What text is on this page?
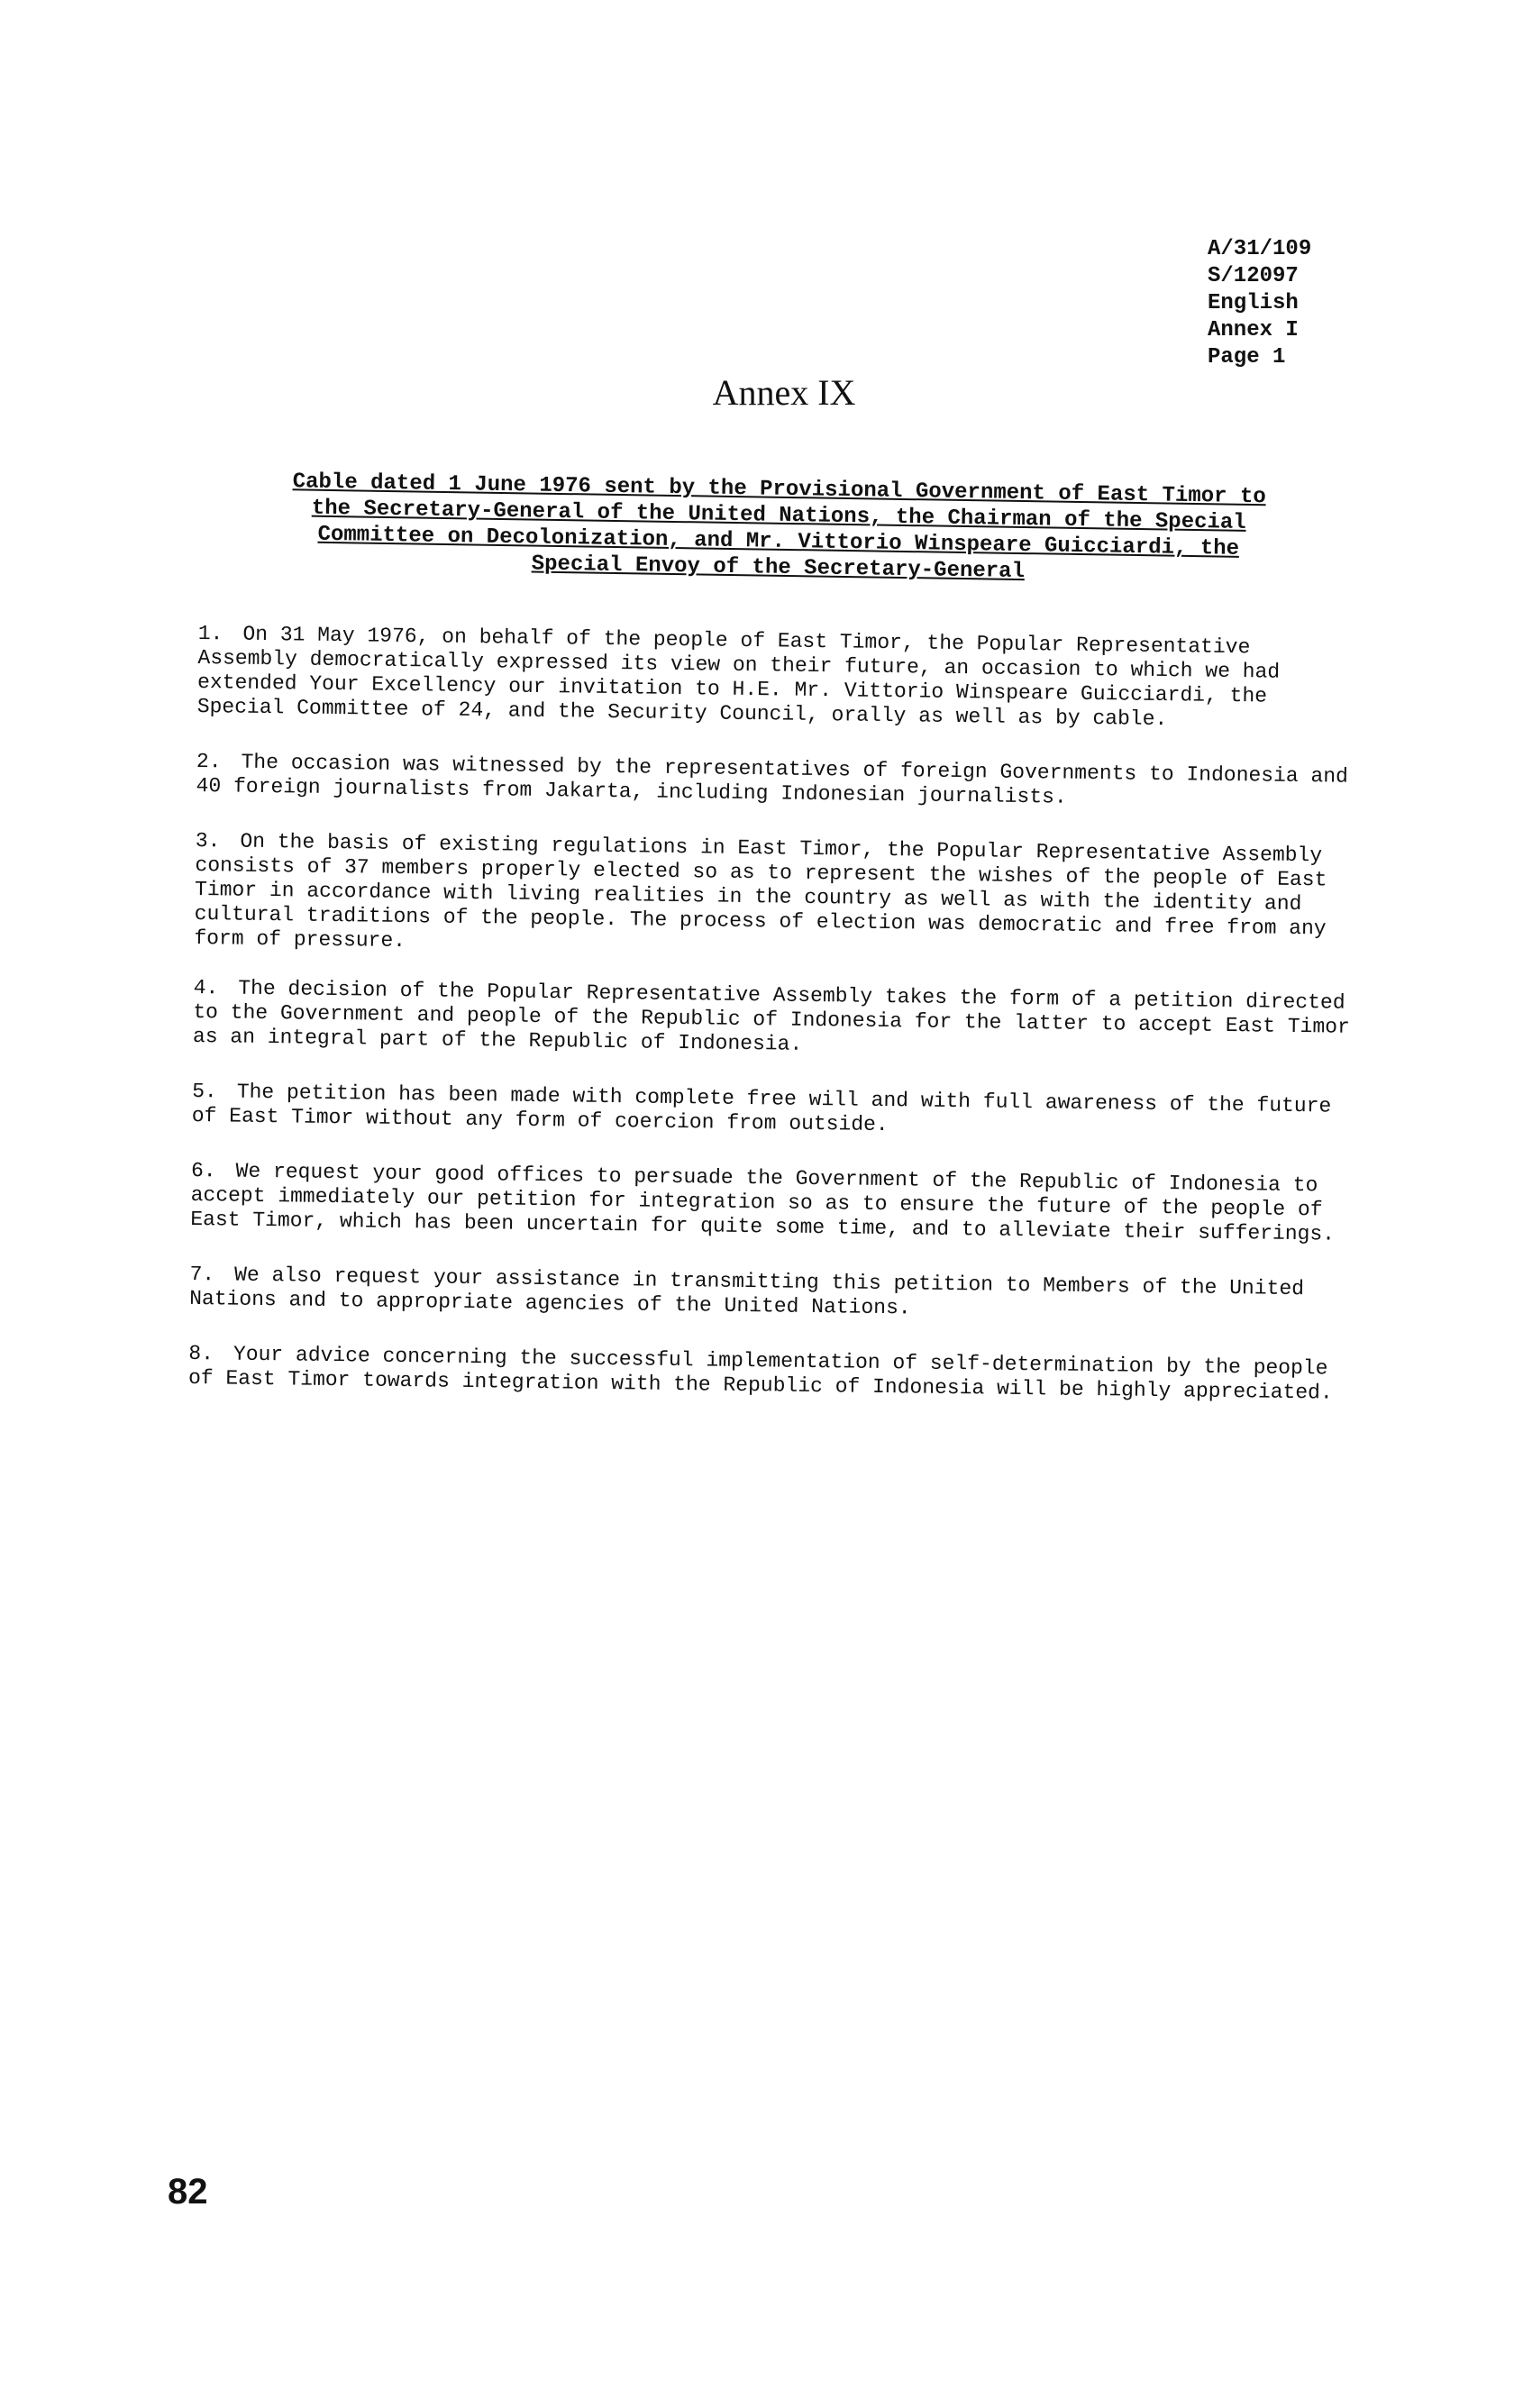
A/31/109
S/12097
English
Annex I
Page 1
Annex IX
Cable dated 1 June 1976 sent by the Provisional Government of East Timor to the Secretary-General of the United Nations, the Chairman of the Special Committee on Decolonization, and Mr. Vittorio Winspeare Guicciardi, the Special Envoy of the Secretary-General

1. On 31 May 1976, on behalf of the people of East Timor, the Popular Representative Assembly democratically expressed its view on their future, an occasion to which we had extended Your Excellency our invitation to H.E. Mr. Vittorio Winspeare Guicciardi, the Special Committee of 24, and the Security Council, orally as well as by cable.

2. The occasion was witnessed by the representatives of foreign Governments to Indonesia and 40 foreign journalists from Jakarta, including Indonesian journalists.

3. On the basis of existing regulations in East Timor, the Popular Representative Assembly consists of 37 members properly elected so as to represent the wishes of the people of East Timor in accordance with living realities in the country as well as with the identity and cultural traditions of the people. The process of election was democratic and free from any form of pressure.

4. The decision of the Popular Representative Assembly takes the form of a petition directed to the Government and people of the Republic of Indonesia for the latter to accept East Timor as an integral part of the Republic of Indonesia.

5. The petition has been made with complete free will and with full awareness of the future of East Timor without any form of coercion from outside.

6. We request your good offices to persuade the Government of the Republic of Indonesia to accept immediately our petition for integration so as to ensure the future of the people of East Timor, which has been uncertain for quite some time, and to alleviate their sufferings.

7. We also request your assistance in transmitting this petition to Members of the United Nations and to appropriate agencies of the United Nations.

8. Your advice concerning the successful implementation of self-determination by the people of East Timor towards integration with the Republic of Indonesia will be highly appreciated.

82
